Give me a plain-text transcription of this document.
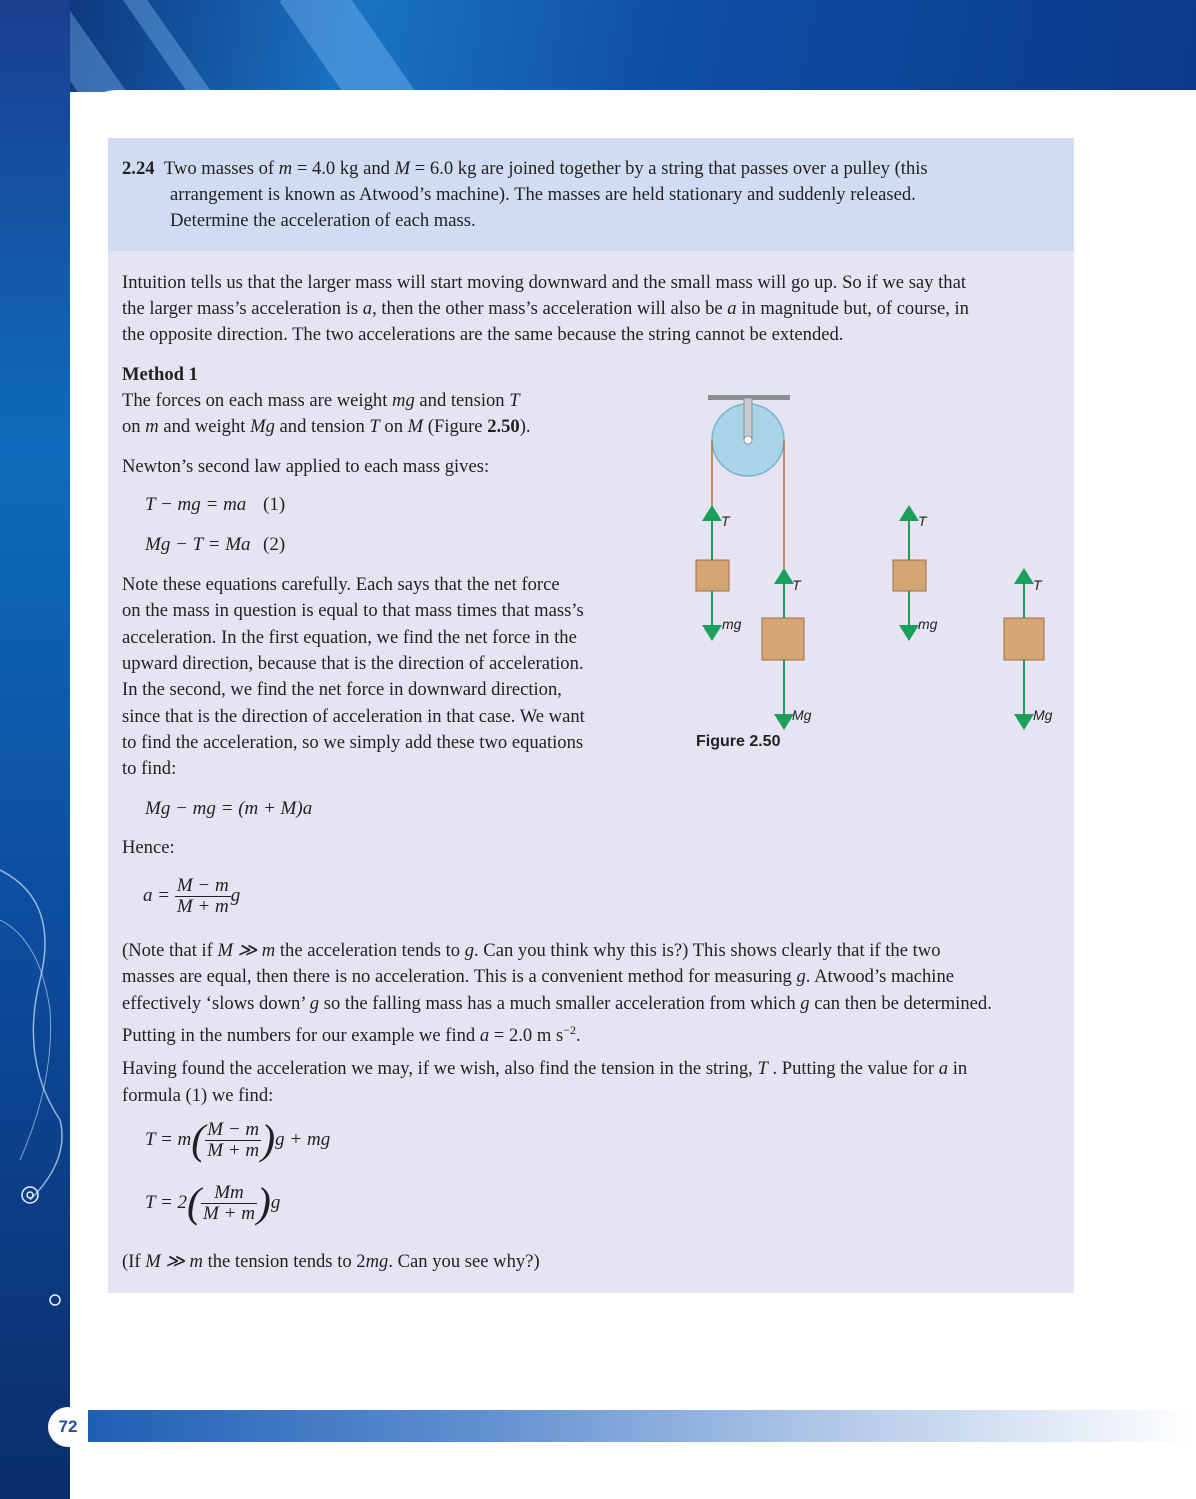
2.24 Two masses of m = 4.0 kg and M = 6.0 kg are joined together by a string that passes over a pulley (this
arrangement is known as Atwood’s machine). The masses are held stationary and suddenly released.
Determine the acceleration of each mass.
Intuition tells us that the larger mass will start moving downward and the small mass will go up. So if we say that
the larger mass’s acceleration is a, then the other mass’s acceleration will also be a in magnitude but, of course, in
the opposite direction. The two accelerations are the same because the string cannot be extended.
Method 1
The forces on each mass are weight mg and tension T
on m and weight Mg and tension T on M (Figure 2.50).
Newton’s second law applied to each mass gives:
T − mg = ma (1)
Mg − T = Ma (2)
Note these equations carefully. Each says that the net force
on the mass in question is equal to that mass times that mass’s
acceleration. In the first equation, we find the net force in the
upward direction, because that is the direction of acceleration.
In the second, we find the net force in downward direction,
since that is the direction of acceleration in that case. We want
to find the acceleration, so we simply add these two equations
to find:
Mg − mg = (m + M)a
Hence:
$a = \frac{M - m}{M + m}$ g
(Note that if M ≫ m the acceleration tends to g. Can you think why this is?) This shows clearly that if the two
masses are equal, then there is no acceleration. This is a convenient method for measuring g. Atwood’s machine
effectively ‘slows down’ g so the falling mass has a much smaller acceleration from which g can then be determined.
Putting in the numbers for our example we find a = 2.0 m $s^{-2}$.
Having found the acceleration we may, if we wish, also find the tension in the string, T . Putting the value for a in
formula (1) we find:
$T = m( \frac{M - m}{M + m} )g$ + mg
$T = 2( \frac{Mm}{M + m} )g$
(If M ≫ m the tension tends to 2mg. Can you see why?)
T
mg
T
Mg
T
mg
T
Mg
Figure 2.50
72
